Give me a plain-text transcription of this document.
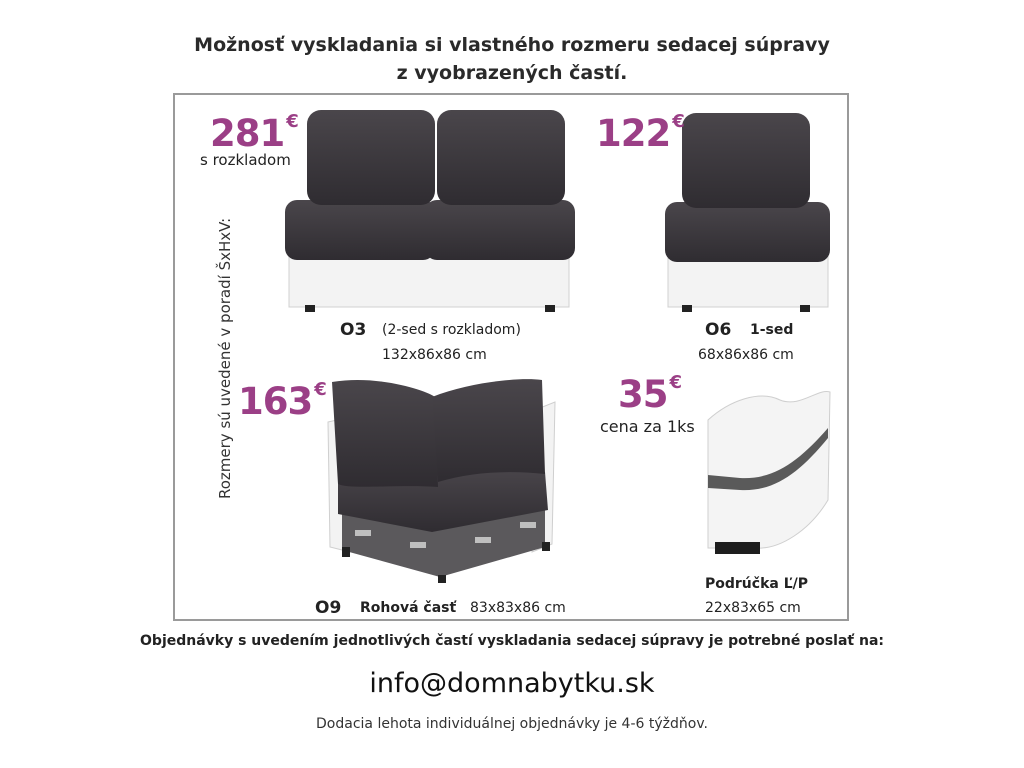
Možnosť vyskladania si vlastného rozmeru sedacej súpravy
z vyobrazených častí.
Rozmery sú uvedené v poradí ŠxHxV:
281 €
s rozkladom
O3 (2-sed s rozkladom)
132x86x86 cm
122 €
O6 1-sed
68x86x86 cm
163 €
O9 Rohová časť 83x83x86 cm
35 €
cena za 1ks
Podrúčka Ľ/P
22x83x65 cm
Objednávky s uvedením jednotlivých častí vyskladania sedacej súpravy je potrebné poslať na:
info@domnabytku.sk
Dodacia lehota individuálnej objednávky je 4-6 týždňov.
